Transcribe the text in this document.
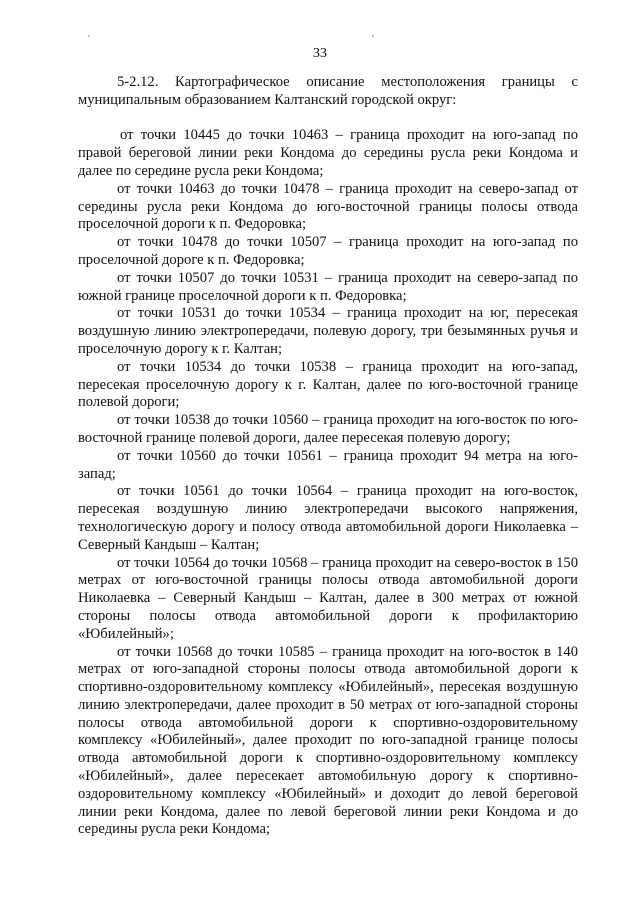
'	'
33

5-2.12. Картографическое описание местоположения границы с муниципальным образованием Калтанский городской округ:

от точки 10445 до точки 10463 – граница проходит на юго-запад по правой береговой линии реки Кондома до середины русла реки Кондома и далее по середине русла реки Кондома;

от точки 10463 до точки 10478 – граница проходит на северо-запад от середины русла реки Кондома до юго-восточной границы полосы отвода проселочной дороги к п. Федоровка;

от точки 10478 до точки 10507 – граница проходит на юго-запад по проселочной дороге к п. Федоровка;

от точки 10507 до точки 10531 – граница проходит на северо-запад по южной границе проселочной дороги к п. Федоровка;

от точки 10531 до точки 10534 – граница проходит на юг, пересекая воздушную линию электропередачи, полевую дорогу, три безымянных ручья и проселочную дорогу к г. Калтан;

от точки 10534 до точки 10538 – граница проходит на юго-запад, пересекая проселочную дорогу к г. Калтан, далее по юго-восточной границе полевой дороги;

от точки 10538 до точки 10560 – граница проходит на юго-восток по юго-восточной границе полевой дороги, далее пересекая полевую дорогу;

от точки 10560 до точки 10561 – граница проходит 94 метра на юго-запад;

от точки 10561 до точки 10564 – граница проходит на юго-восток, пересекая воздушную линию электропередачи высокого напряжения, технологическую дорогу и полосу отвода автомобильной дороги Николаевка – Северный Кандыш – Калтан;

от точки 10564 до точки 10568 – граница проходит на северо-восток в 150 метрах от юго-восточной границы полосы отвода автомобильной дороги Николаевка – Северный Кандыш – Калтан, далее в 300 метрах от южной стороны полосы отвода автомобильной дороги к профилакторию «Юбилейный»;

от точки 10568 до точки 10585 – граница проходит на юго-восток в 140 метрах от юго-западной стороны полосы отвода автомобильной дороги к спортивно-оздоровительному комплексу «Юбилейный», пересекая воздушную линию электропередачи, далее проходит в 50 метрах от юго-западной стороны полосы отвода автомобильной дороги к спортивно-оздоровительному комплексу «Юбилейный», далее проходит по юго-западной границе полосы отвода автомобильной дороги к спортивно-оздоровительному комплексу «Юбилейный», далее пересекает автомобильную дорогу к спортивно-оздоровительному комплексу «Юбилейный» и доходит до левой береговой линии реки Кондома, далее по левой береговой линии реки Кондома и до середины русла реки Кондома;
